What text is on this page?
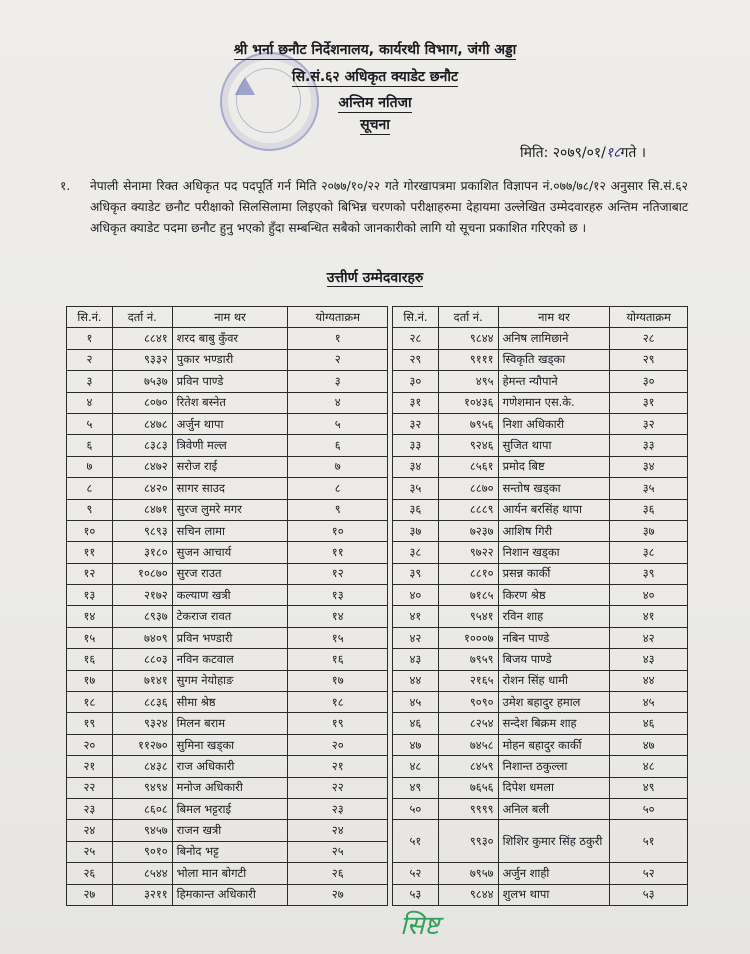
⛰
श्री भर्ना छनौट निर्देशनालय, कार्यरथी विभाग, जंगी अड्डा
सि.सं.६२ अधिकृत क्याडेट छनौट
अन्तिम नतिजा
सूचना
मिति: २०७९/०१/१८गते ।
१. नेपाली सेनामा रिक्त अधिकृत पद पदपूर्ति गर्न मिति २०७७/१०/२२ गते गोरखापत्रमा प्रकाशित विज्ञापन नं.०७७/७८/१२ अनुसार सि.सं.६२ अधिकृत क्याडेट छनौट परीक्षाको सिलसिलामा लिइएको बिभिन्न चरणको परीक्षाहरुमा देहायमा उल्लेखित उम्मेदवारहरु अन्तिम नतिजाबाट अधिकृत क्याडेट पदमा छनौट हुनु भएको हुँदा सम्बन्धित सबैको जानकारीको लागि यो सूचना प्रकाशित गरिएको छ ।
उत्तीर्ण उम्मेदवारहरु
सि.नं.	दर्ता नं.	नाम थर	योग्यताक्रम
१	८८४१	शरद बाबु कुँवर	१
२	९३३२	पुकार भण्डारी	२
३	७५३७	प्रविन पाण्डे	३
४	८०७०	रितेश बस्नेत	४
५	८४७८	अर्जुन थापा	५
६	८३८३	त्रिवेणी मल्ल	६
७	८४७२	सरोज राई	७
८	८४२०	सागर साउद	८
९	८४७१	सुरज लुमरे मगर	९
१०	९८९३	सचिन लामा	१०
११	३१८०	सुजन आचार्य	११
१२	१०८७०	सुरज राउत	१२
१३	२१७२	कल्याण खत्री	१३
१४	८९३७	टेकराज रावत	१४
१५	७४०९	प्रविन भण्डारी	१५
१६	८८०३	नविन कटवाल	१६
१७	७१४१	सुगम नेयोहाङ	१७
१८	८८३६	सीमा श्रेष्ठ	१८
१९	९३२४	मिलन बराम	१९
२०	११२७०	सुमिना खड्का	२०
२१	८४३८	राज अधिकारी	२१
२२	९४९४	मनोज अधिकारी	२२
२३	८६०८	बिमल भट्टराई	२३
२४	९४५७	राजन खत्री	२४
२५	९०१०	बिनोद भट्ट	२५
२६	८५४४	भोला मान बोगटी	२६
२७	३२११	हिमकान्त अधिकारी	२७
सि.नं.	दर्ता नं.	नाम थर	योग्यताक्रम
२८	९८४४	अनिष लामिछाने	२८
२९	९१११	स्विकृति खड्का	२९
३०	४९५	हेमन्त न्यौपाने	३०
३१	१०४३६	गणेशमान एस.के.	३१
३२	७९५६	निशा अधिकारी	३२
३३	९२४६	सुजित थापा	३३
३४	८५६१	प्रमोद बिष्ट	३४
३५	८८७०	सन्तोष खड्का	३५
३६	८८८९	आर्यन बरसिंह थापा	३६
३७	७२३७	आशिष गिरी	३७
३८	९७२२	निशान खड्का	३८
३९	८८१०	प्रसन्न कार्की	३९
४०	७१८५	किरण श्रेष्ठ	४०
४१	९५४१	रविन शाह	४१
४२	१०००७	नबिन पाण्डे	४२
४३	७९५९	बिजय पाण्डे	४३
४४	२१६५	रोशन सिंह धामी	४४
४५	९०९०	उमेश बहादुर हमाल	४५
४६	८२५४	सन्देश बिक्रम शाह	४६
४७	७४५८	मोहन बहादुर कार्की	४७
४८	८४५९	निशान्त ठकुल्ला	४८
४९	७६५६	दिपेश धमला	४९
५०	९९९९	अनिल बली	५०
५१	९९३०	शिशिर कुमार सिंह ठकुरी	५१
५२	७९५७	अर्जुन शाही	५२
५३	९८४४	शुलभ थापा	५३
सिष्ट
